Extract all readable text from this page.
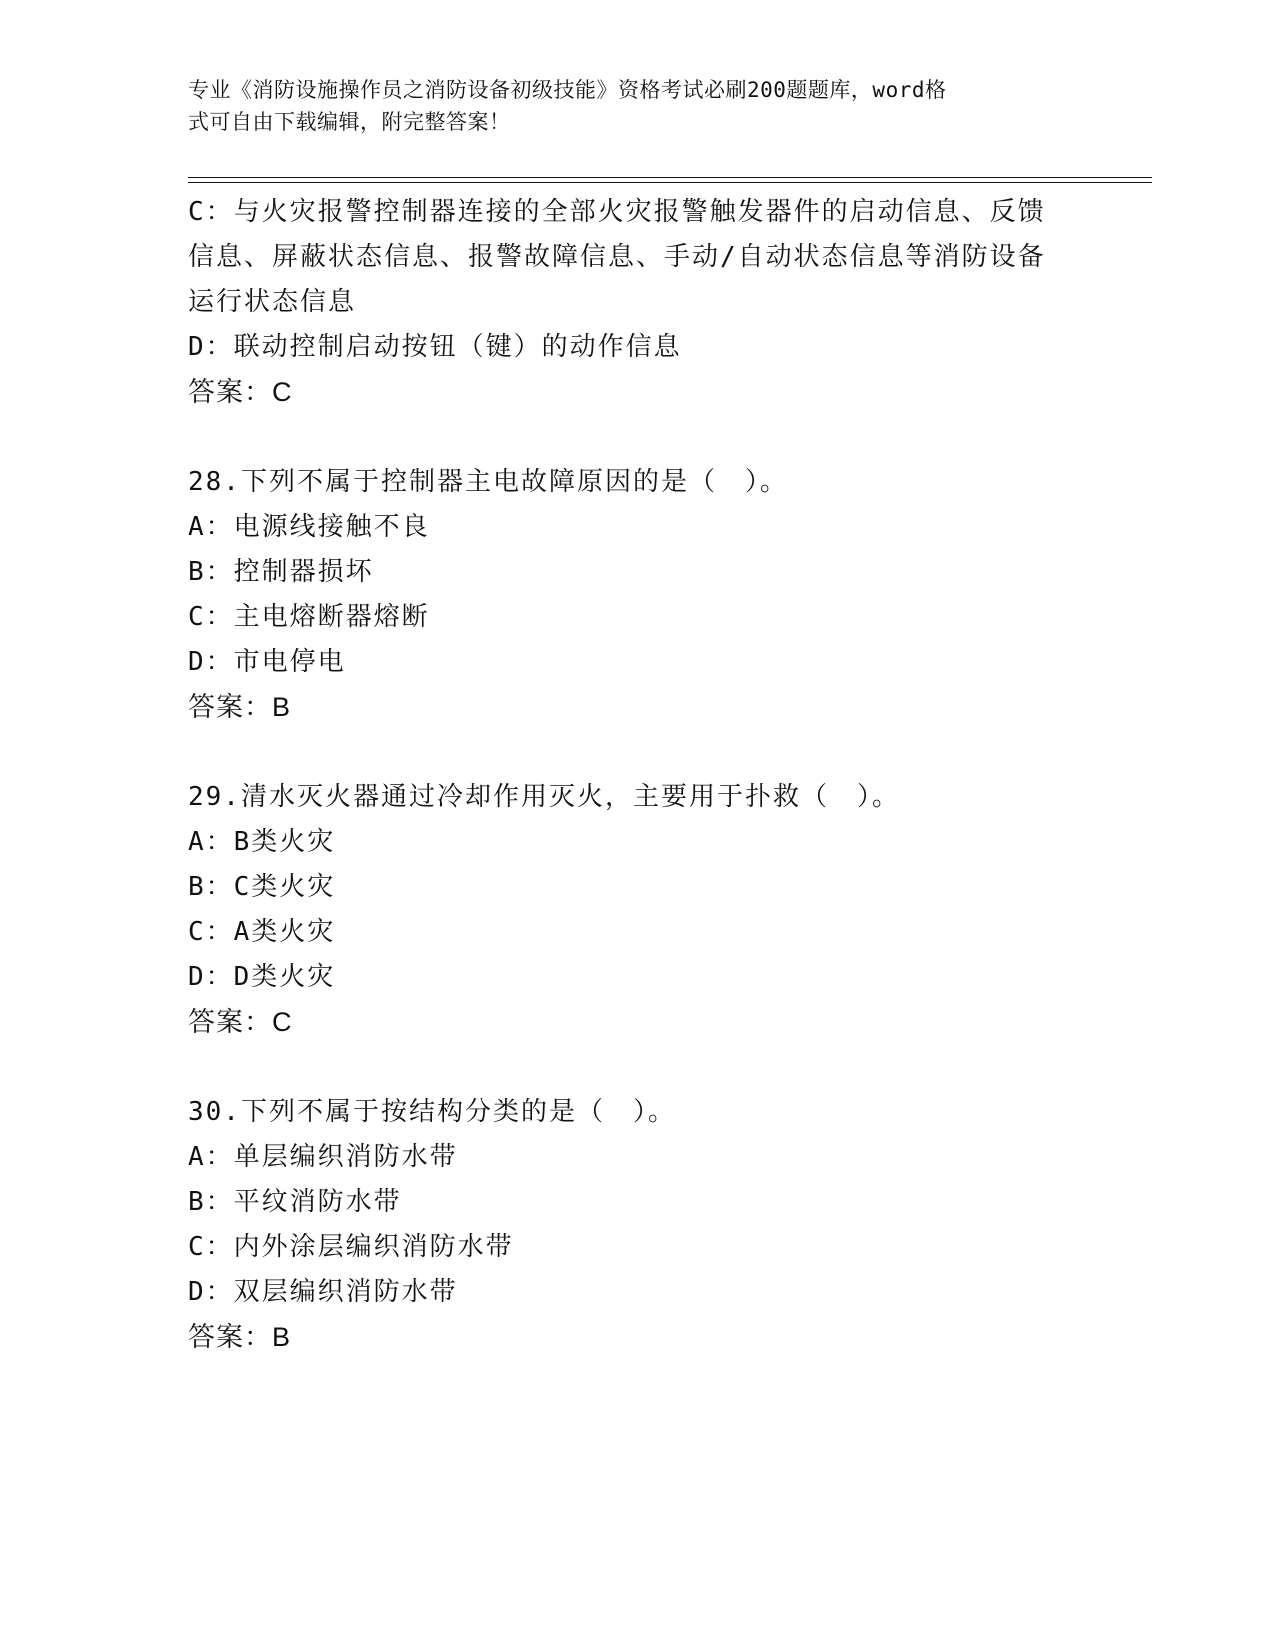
专业《消防设施操作员之消防设备初级技能》资格考试必刷200题题库，word格
式可自由下载编辑，附完整答案！
C：与火灾报警控制器连接的全部火灾报警触发器件的启动信息、反馈
信息、屏蔽状态信息、报警故障信息、手动/自动状态信息等消防设备
运行状态信息
D：联动控制启动按钮（键）的动作信息
答案：C
28.下列不属于控制器主电故障原因的是（　）。
A：电源线接触不良
B：控制器损坏
C：主电熔断器熔断
D：市电停电
答案：B
29.清水灭火器通过冷却作用灭火，主要用于扑救（　）。
A：B类火灾
B：C类火灾
C：A类火灾
D：D类火灾
答案：C
30.下列不属于按结构分类的是（　）。
A：单层编织消防水带
B：平纹消防水带
C：内外涂层编织消防水带
D：双层编织消防水带
答案：B
